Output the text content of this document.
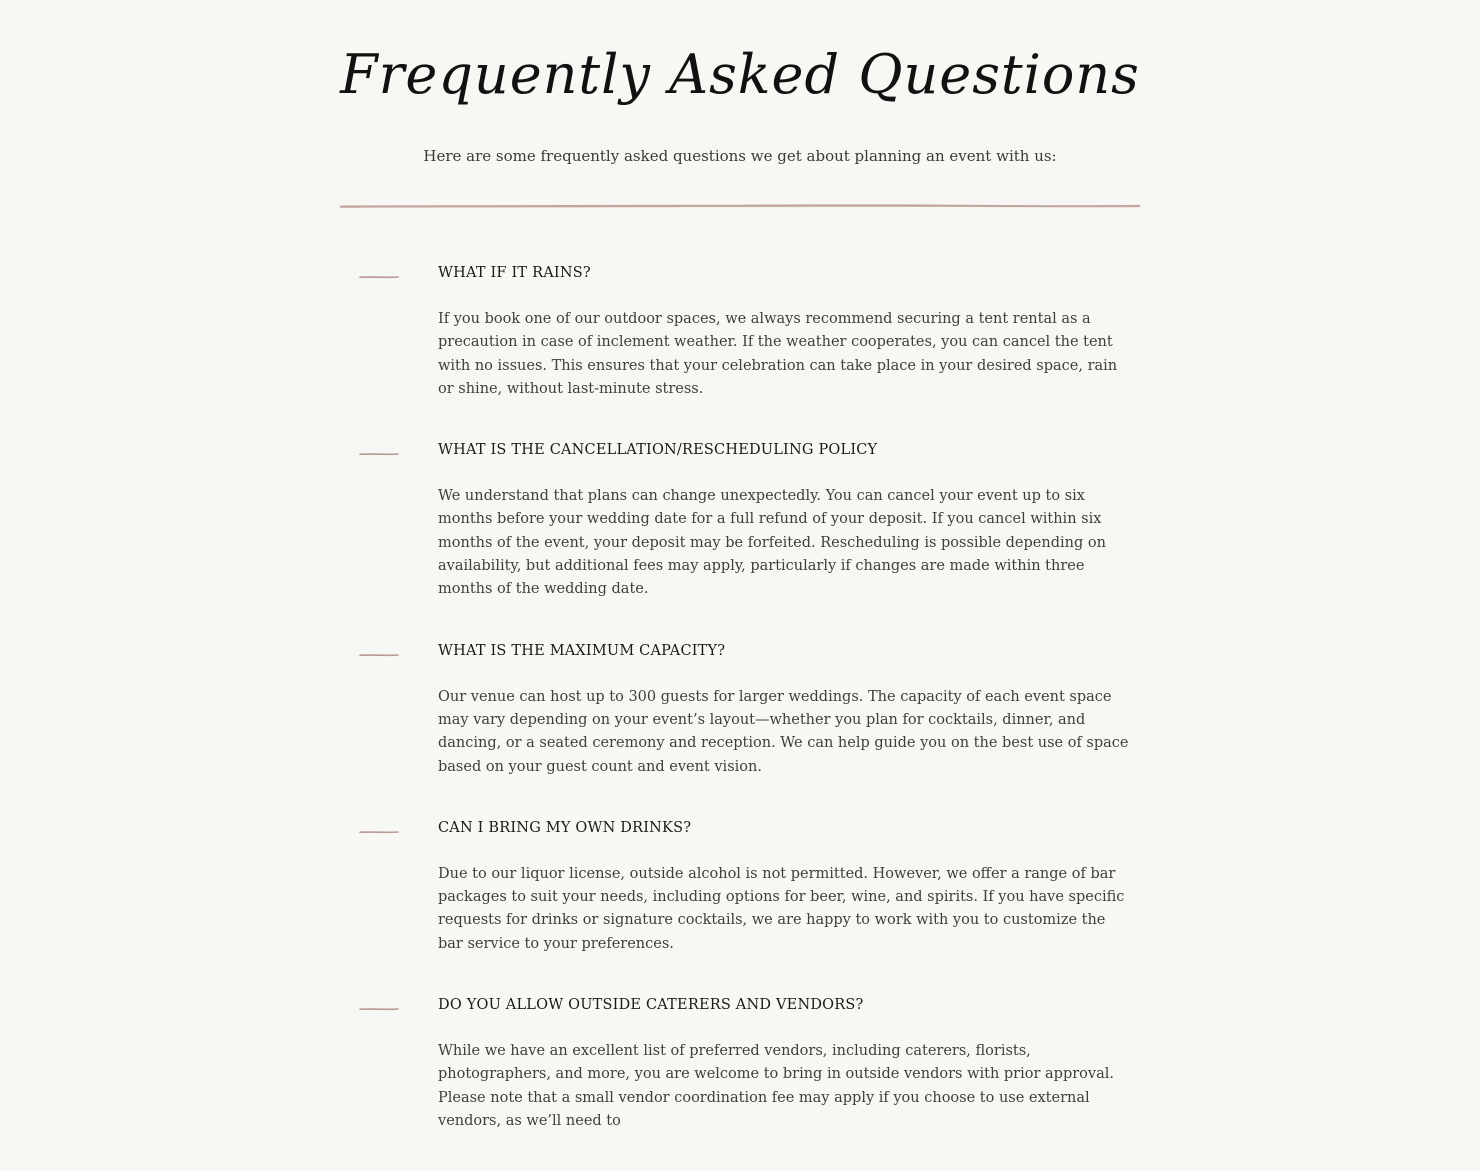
Frequently Asked Questions

Here are some frequently asked questions we get about planning an event with us:

WHAT IF IT RAINS?

If you book one of our outdoor spaces, we always recommend securing a tent rental as a precaution in case of inclement weather. If the weather cooperates, you can cancel the tent with no issues. This ensures that your celebration can take place in your desired space, rain or shine, without last-minute stress.

WHAT IS THE CANCELLATION/RESCHEDULING POLICY

We understand that plans can change unexpectedly. You can cancel your event up to six months before your wedding date for a full refund of your deposit. If you cancel within six months of the event, your deposit may be forfeited. Rescheduling is possible depending on availability, but additional fees may apply, particularly if changes are made within three months of the wedding date.

WHAT IS THE MAXIMUM CAPACITY?

Our venue can host up to 300 guests for larger weddings. The capacity of each event space may vary depending on your event’s layout—whether you plan for cocktails, dinner, and dancing, or a seated ceremony and reception. We can help guide you on the best use of space based on your guest count and event vision.

CAN I BRING MY OWN DRINKS?

Due to our liquor license, outside alcohol is not permitted. However, we offer a range of bar packages to suit your needs, including options for beer, wine, and spirits. If you have specific requests for drinks or signature cocktails, we are happy to work with you to customize the bar service to your preferences.

DO YOU ALLOW OUTSIDE CATERERS AND VENDORS?

While we have an excellent list of preferred vendors, including caterers, florists, photographers, and more, you are welcome to bring in outside vendors with prior approval. Please note that a small vendor coordination fee may apply if you choose to use external vendors, as we’ll need to
